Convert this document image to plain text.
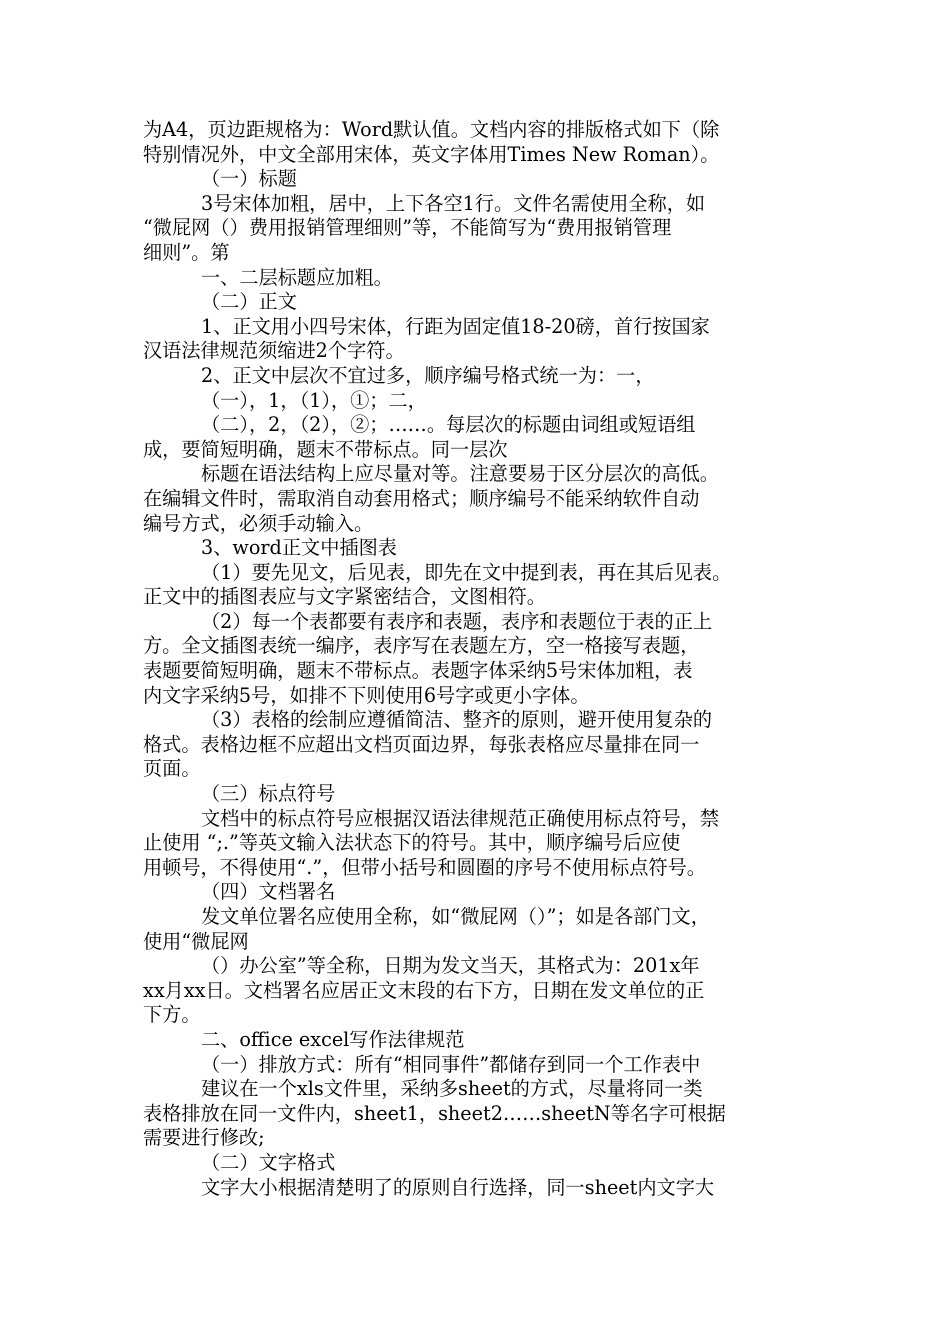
为A4，页边距规格为：Word默认值。文档内容的排版格式如下（除
特别情况外，中文全部用宋体，英文字体用Times New Roman）。
（一）标题
3号宋体加粗，居中，上下各空1行。文件名需使用全称，如
“微屁网（）费用报销管理细则”等，不能简写为“费用报销管理
细则”。第
一、二层标题应加粗。
（二）正文
1、正文用小四号宋体，行距为固定值18-20磅，首行按国家
汉语法律规范须缩进2个字符。
2、正文中层次不宜过多，顺序编号格式统一为：一，
（一），1，（1），①；二，
（二），2，（2），②；……。每层次的标题由词组或短语组
成，要简短明确，题末不带标点。同一层次
标题在语法结构上应尽量对等。注意要易于区分层次的高低。
在编辑文件时，需取消自动套用格式；顺序编号不能采纳软件自动
编号方式，必须手动输入。
3、word正文中插图表
（1）要先见文，后见表，即先在文中提到表，再在其后见表。
正文中的插图表应与文字紧密结合，文图相符。
（2）每一个表都要有表序和表题，表序和表题位于表的正上
方。全文插图表统一编序，表序写在表题左方，空一格接写表题，
表题要简短明确，题末不带标点。表题字体采纳5号宋体加粗，表
内文字采纳5号，如排不下则使用6号字或更小字体。
（3）表格的绘制应遵循简洁、整齐的原则，避开使用复杂的
格式。表格边框不应超出文档页面边界，每张表格应尽量排在同一
页面。
（三）标点符号
文档中的标点符号应根据汉语法律规范正确使用标点符号，禁
止使用 “;.”等英文输入法状态下的符号。其中，顺序编号后应使
用顿号，不得使用“.”，但带小括号和圆圈的序号不使用标点符号。
（四）文档署名
发文单位署名应使用全称，如“微屁网（）”；如是各部门文，
使用“微屁网
（）办公室”等全称，日期为发文当天，其格式为：201x年
xx月xx日。文档署名应居正文末段的右下方，日期在发文单位的正
下方。
二、office excel写作法律规范
（一）排放方式：所有“相同事件”都储存到同一个工作表中
建议在一个xls文件里，采纳多sheet的方式，尽量将同一类
表格排放在同一文件内，sheet1，sheet2……sheetN等名字可根据
需要进行修改;
（二）文字格式
文字大小根据清楚明了的原则自行选择，同一sheet内文字大
